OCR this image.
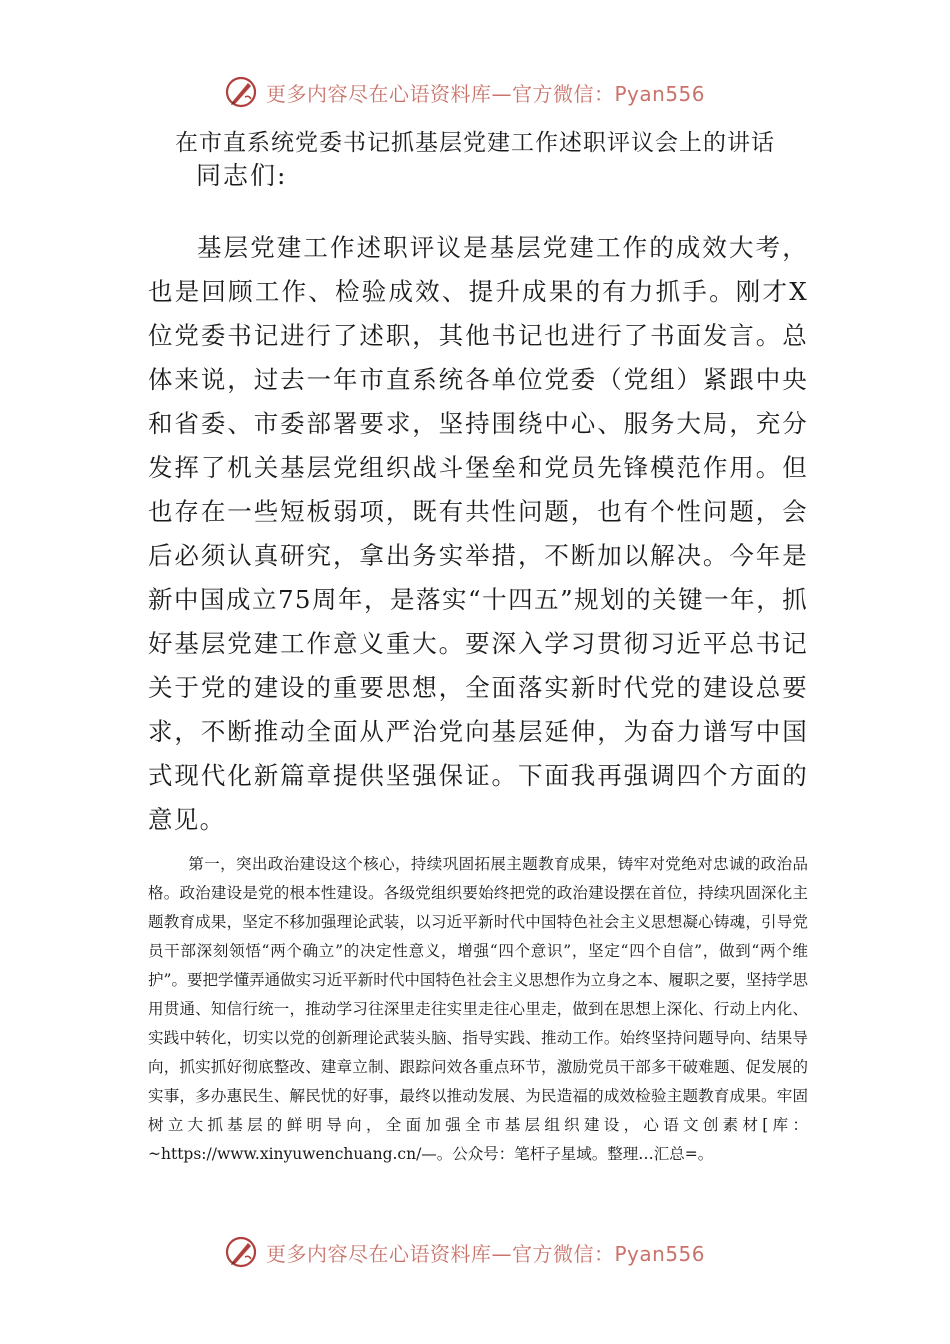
更多内容尽在心语资料库—官方微信：Pyan556
在市直系统党委书记抓基层党建工作述职评议会上的讲话
同志们:

基层党建工作述职评议是基层党建工作的成效大考，也是回顾工作、检验成效、提升成果的有力抓手。刚才X位党委书记进行了述职，其他书记也进行了书面发言。总体来说，过去一年市直系统各单位党委（党组）紧跟中央和省委、市委部署要求，坚持围绕中心、服务大局，充分发挥了机关基层党组织战斗堡垒和党员先锋模范作用。但也存在一些短板弱项，既有共性问题，也有个性问题，会后必须认真研究，拿出务实举措，不断加以解决。今年是新中国成立75周年，是落实“十四五”规划的关键一年，抓好基层党建工作意义重大。要深入学习贯彻习近平总书记关于党的建设的重要思想，全面落实新时代党的建设总要求，不断推动全面从严治党向基层延伸，为奋力谱写中国式现代化新篇章提供坚强保证。下面我再强调四个方面的意见。

第一，突出政治建设这个核心，持续巩固拓展主题教育成果，铸牢对党绝对忠诚的政治品格。政治建设是党的根本性建设。各级党组织要始终把党的政治建设摆在首位，持续巩固深化主题教育成果，坚定不移加强理论武装，以习近平新时代中国特色社会主义思想凝心铸魂，引导党员干部深刻领悟“两个确立”的决定性意义，增强“四个意识”，坚定“四个自信”，做到“两个维护”。要把学懂弄通做实习近平新时代中国特色社会主义思想作为立身之本、履职之要，坚持学思用贯通、知信行统一，推动学习往深里走往实里走往心里走，做到在思想上深化、行动上内化、实践中转化，切实以党的创新理论武装头脑、指导实践、推动工作。始终坚持问题导向、结果导向，抓实抓好彻底整改、建章立制、跟踪问效各重点环节，激励党员干部多干破难题、促发展的实事，多办惠民生、解民忧的好事，最终以推动发展、为民造福的成效检验主题教育成果。牢固树立大抓基层的鲜明导向，全面加强全市基层组织建设，心语文创素材[库：~https://www.xinyuwenchuang.cn/—。公众号：笔杆子星域。整理…汇总=。

更多内容尽在心语资料库—官方微信：Pyan556
